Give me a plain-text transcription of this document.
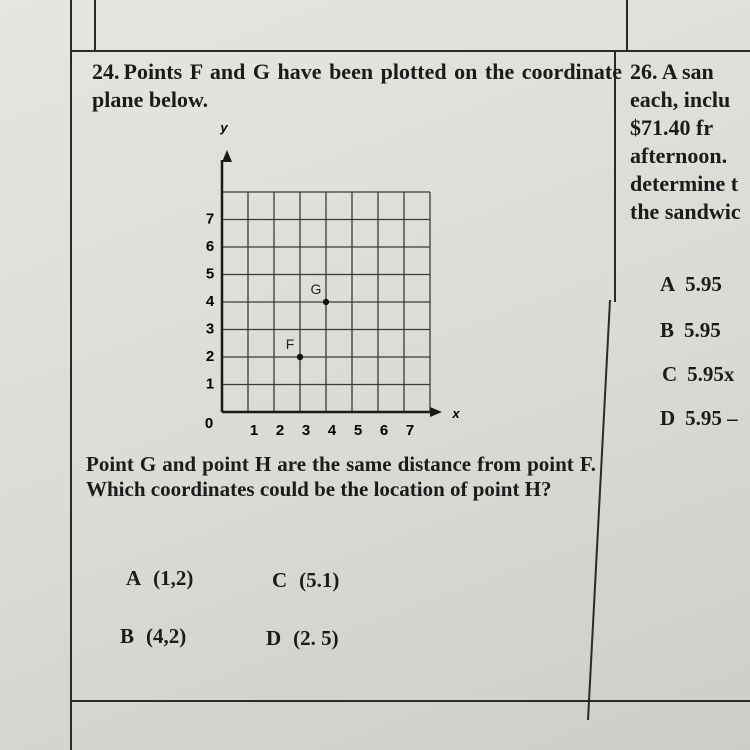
24. Points F and G have been plotted on the coordinate plane below.

y
x
0 1 2 3 4 5 6 7
1
2
3
4
5
6
7
F
G

Point G and point H are the same distance from point F. Which coordinates could be the location of point H?

A (1,2)
B (4,2)
C (5.1)
D (2. 5)
26. A san
each, inclu
$71.40 fr
afternoon.
determine t
the sandwic
A 5.95
B 5.95
C 5.95x
D 5.95 –
